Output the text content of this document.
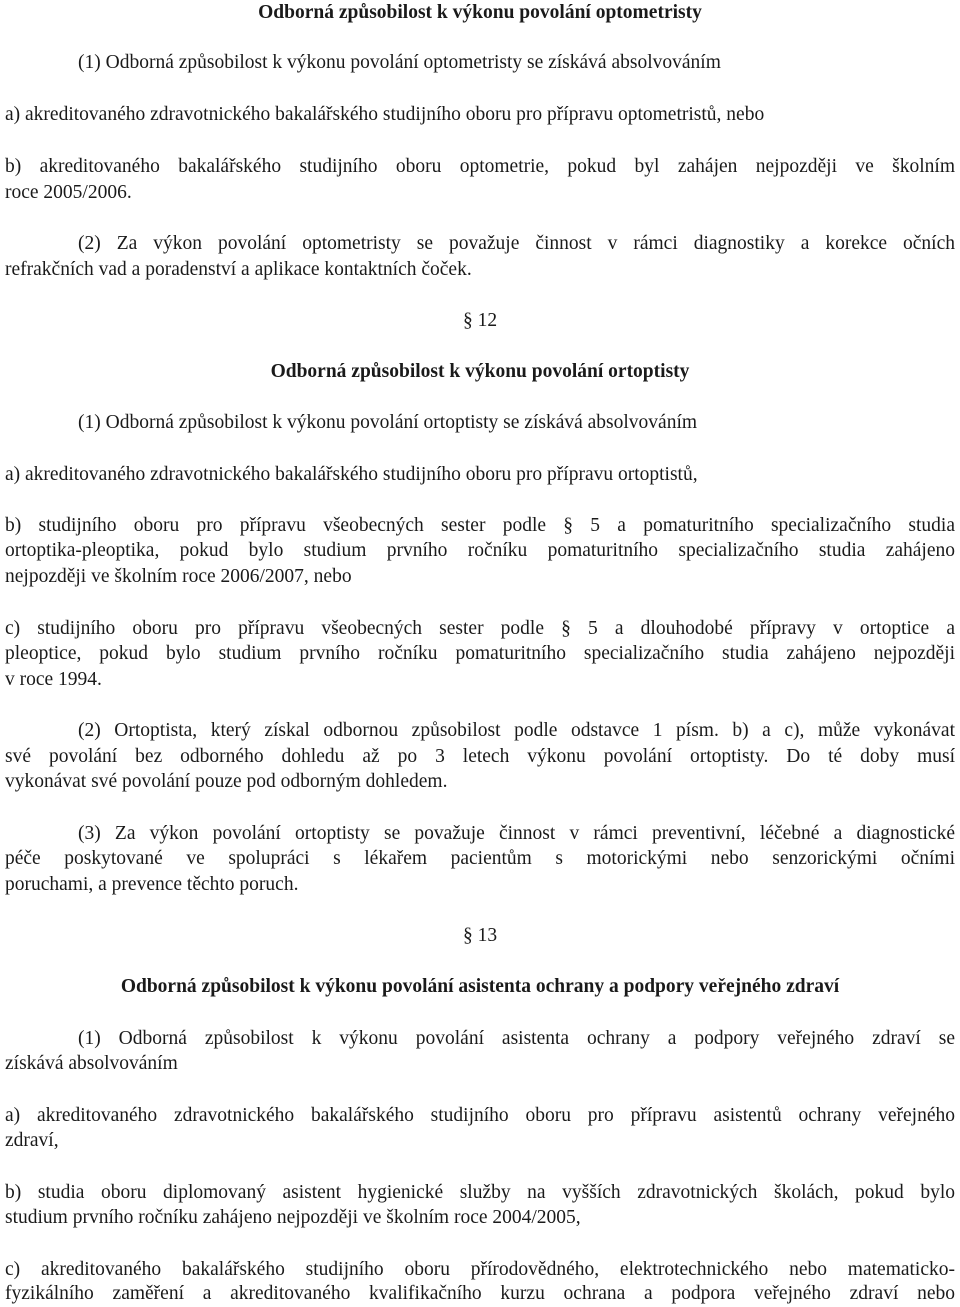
Odborná způsobilost k výkonu povolání optometristy

(1) Odborná způsobilost k výkonu povolání optometristy se získává absolvováním

a) akreditovaného zdravotnického bakalářského studijního oboru pro přípravu optometristů, nebo

b) akreditovaného bakalářského studijního oboru optometrie, pokud byl zahájen nejpozději ve školním

roce 2005/2006.

(2) Za výkon povolání optometristy se považuje činnost v rámci diagnostiky a korekce očních

refrakčních vad a poradenství a aplikace kontaktních čoček.

§ 12

Odborná způsobilost k výkonu povolání ortoptisty

(1) Odborná způsobilost k výkonu povolání ortoptisty se získává absolvováním

a) akreditovaného zdravotnického bakalářského studijního oboru pro přípravu ortoptistů,

b) studijního oboru pro přípravu všeobecných sester podle § 5 a pomaturitního specializačního studia

ortoptika-pleoptika, pokud bylo studium prvního ročníku pomaturitního specializačního studia zahájeno

nejpozději ve školním roce 2006/2007, nebo

c) studijního oboru pro přípravu všeobecných sester podle § 5 a dlouhodobé přípravy v ortoptice a

pleoptice, pokud bylo studium prvního ročníku pomaturitního specializačního studia zahájeno nejpozději

v roce 1994.

(2) Ortoptista, který získal odbornou způsobilost podle odstavce 1 písm. b) a c), může vykonávat

své povolání bez odborného dohledu až po 3 letech výkonu povolání ortoptisty. Do té doby musí

vykonávat své povolání pouze pod odborným dohledem.

(3) Za výkon povolání ortoptisty se považuje činnost v rámci preventivní, léčebné a diagnostické

péče poskytované ve spolupráci s lékařem pacientům s motorickými nebo senzorickými očními

poruchami, a prevence těchto poruch.

§ 13

Odborná způsobilost k výkonu povolání asistenta ochrany a podpory veřejného zdraví

(1) Odborná způsobilost k výkonu povolání asistenta ochrany a podpory veřejného zdraví se

získává absolvováním

a) akreditovaného zdravotnického bakalářského studijního oboru pro přípravu asistentů ochrany veřejného

zdraví,

b) studia oboru diplomovaný asistent hygienické služby na vyšších zdravotnických školách, pokud bylo

studium prvního ročníku zahájeno nejpozději ve školním roce 2004/2005,

c) akreditovaného bakalářského studijního oboru přírodovědného, elektrotechnického nebo matematicko-

fyzikálního zaměření a akreditovaného kvalifikačního kurzu ochrana a podpora veřejného zdraví nebo
